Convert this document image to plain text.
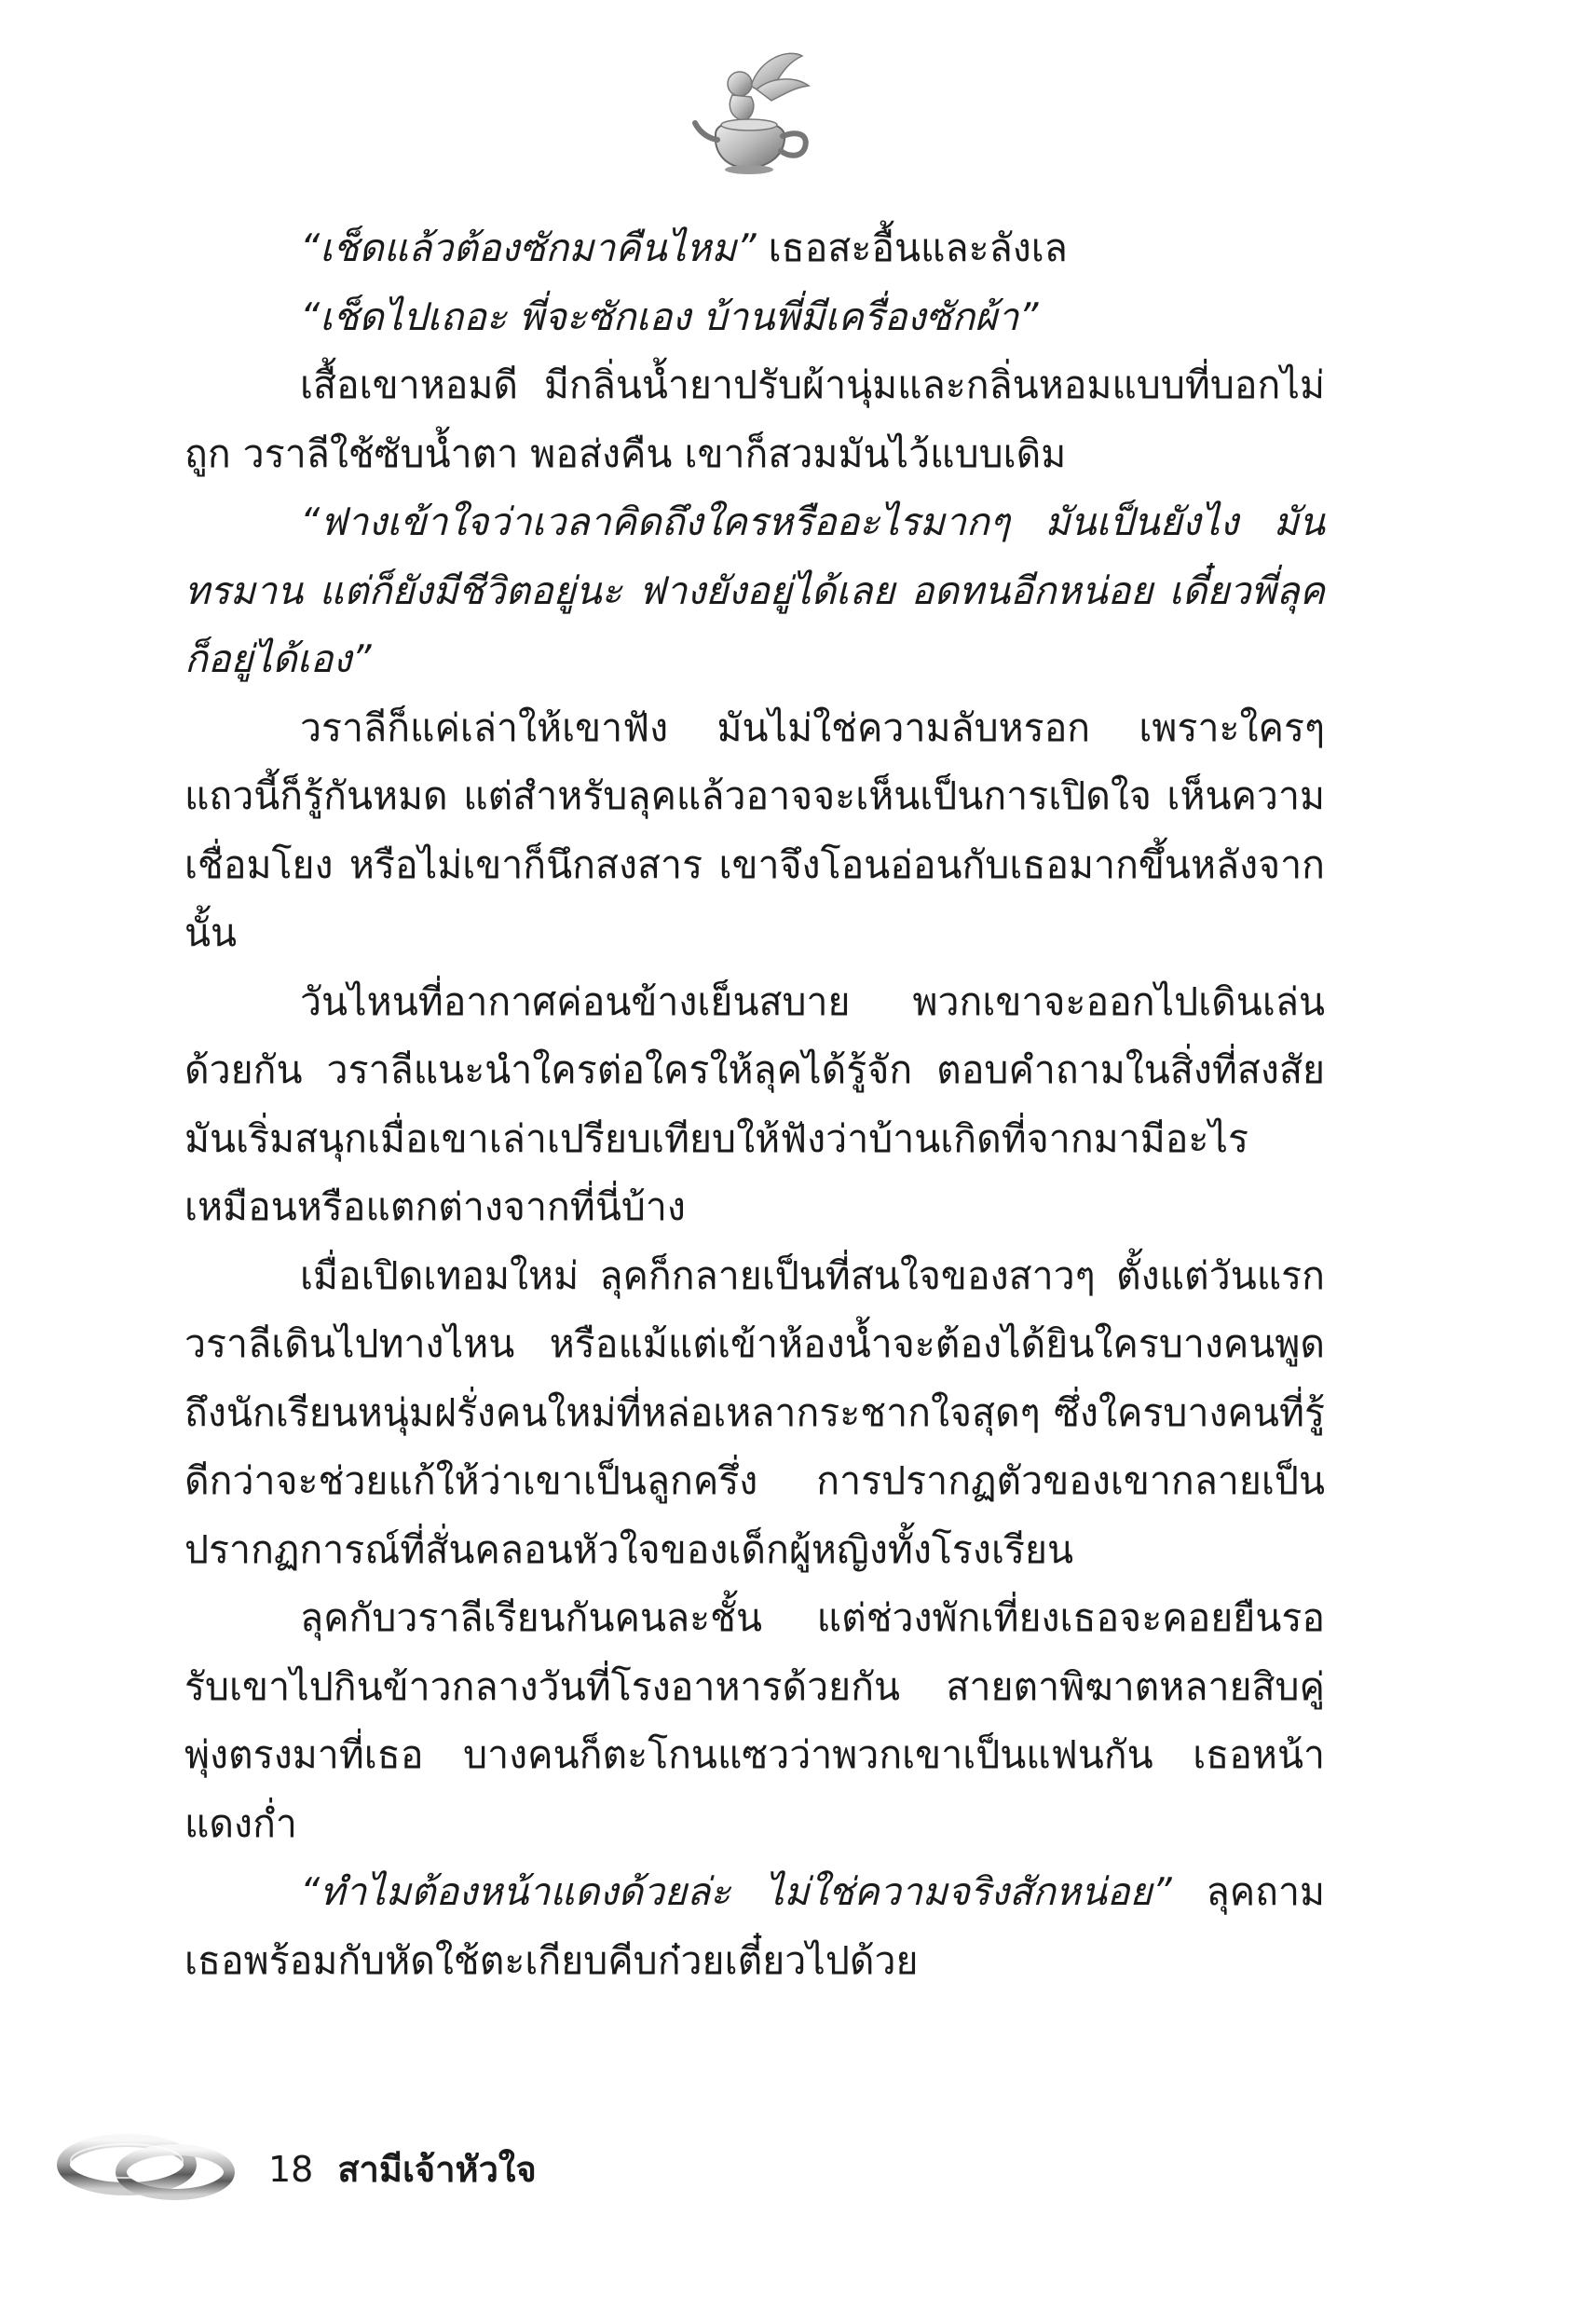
“เช็ดแล้วต้องซักมาคืนไหม” เธอสะอื้นและลังเล

“เช็ดไปเถอะ พี่จะซักเอง บ้านพี่มีเครื่องซักผ้า”

เสื้อเขาหอมดี มีกลิ่นน้ำยาปรับผ้านุ่มและกลิ่นหอมแบบที่บอกไม่ถูก วราลีใช้ซับน้ำตา พอส่งคืน เขาก็สวมมันไว้แบบเดิม

“ฟางเข้าใจว่าเวลาคิดถึงใครหรืออะไรมากๆ มันเป็นยังไง มันทรมาน แต่ก็ยังมีชีวิตอยู่นะ ฟางยังอยู่ได้เลย อดทนอีกหน่อย เดี๋ยวพี่ลุคก็อยู่ได้เอง”

วราลีก็แค่เล่าให้เขาฟัง มันไม่ใช่ความลับหรอก เพราะใครๆ แถวนี้ก็รู้กันหมด แต่สำหรับลุคแล้วอาจจะเห็นเป็นการเปิดใจ เห็นความเชื่อมโยง หรือไม่เขาก็นึกสงสาร เขาจึงโอนอ่อนกับเธอมากขึ้นหลังจากนั้น

วันไหนที่อากาศค่อนข้างเย็นสบาย พวกเขาจะออกไปเดินเล่นด้วยกัน วราลีแนะนำใครต่อใครให้ลุคได้รู้จัก ตอบคำถามในสิ่งที่สงสัย มันเริ่มสนุกเมื่อเขาเล่าเปรียบเทียบให้ฟังว่าบ้านเกิดที่จากมามีอะไรเหมือนหรือแตกต่างจากที่นี่บ้าง

เมื่อเปิดเทอมใหม่ ลุคก็กลายเป็นที่สนใจของสาวๆ ตั้งแต่วันแรก วราลีเดินไปทางไหน หรือแม้แต่เข้าห้องน้ำจะต้องได้ยินใครบางคนพูดถึงนักเรียนหนุ่มฝรั่งคนใหม่ที่หล่อเหลากระชากใจสุดๆ ซึ่งใครบางคนที่รู้ดีกว่าจะช่วยแก้ให้ว่าเขาเป็นลูกครึ่ง การปรากฏตัวของเขากลายเป็นปรากฏการณ์ที่สั่นคลอนหัวใจของเด็กผู้หญิงทั้งโรงเรียน

ลุคกับวราลีเรียนกันคนละชั้น แต่ช่วงพักเที่ยงเธอจะคอยยืนรอรับเขาไปกินข้าวกลางวันที่โรงอาหารด้วยกัน สายตาพิฆาตหลายสิบคู่พุ่งตรงมาที่เธอ บางคนก็ตะโกนแซวว่าพวกเขาเป็นแฟนกัน เธอหน้าแดงก่ำ

“ทำไมต้องหน้าแดงด้วยล่ะ ไม่ใช่ความจริงสักหน่อย” ลุคถามเธอพร้อมกับหัดใช้ตะเกียบคีบก๋วยเตี๋ยวไปด้วย

18 สามีเจ้าหัวใจ
